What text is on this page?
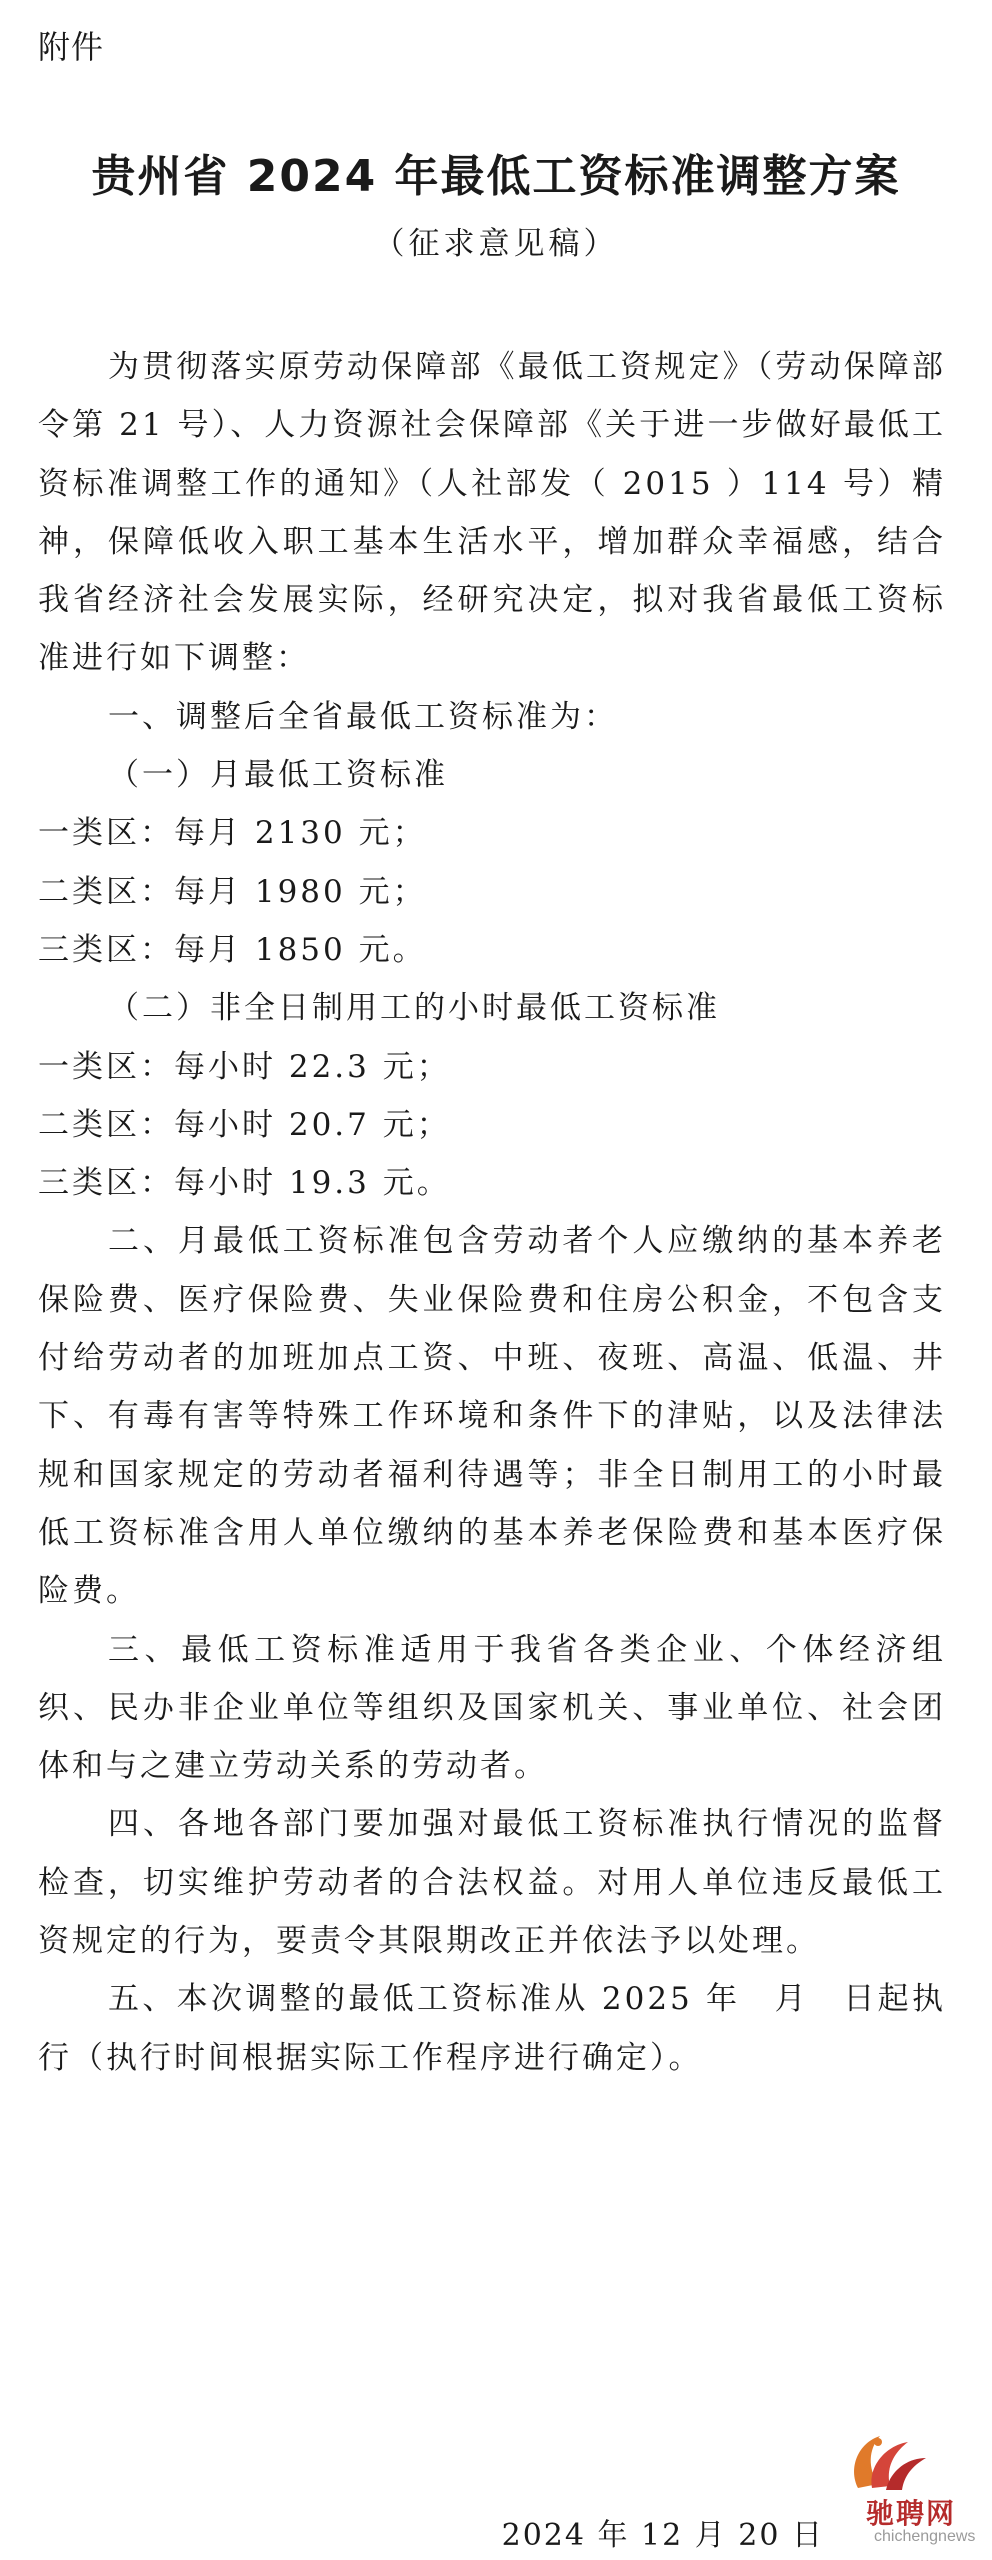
附件
贵州省 2024 年最低工资标准调整方案
（征求意见稿）

为贯彻落实原劳动保障部《最低工资规定》（劳动保障部令第 21 号）、人力资源社会保障部《关于进一步做好最低工资标准调整工作的通知》（人社部发（ 2015 ）114 号）精神，保障低收入职工基本生活水平，增加群众幸福感，结合我省经济社会发展实际，经研究决定，拟对我省最低工资标准进行如下调整：

一、调整后全省最低工资标准为：

（一）月最低工资标准

一类区：每月 2130 元；

二类区：每月 1980 元；

三类区：每月 1850 元。

（二）非全日制用工的小时最低工资标准

一类区：每小时 22.3 元；

二类区：每小时 20.7 元；

三类区：每小时 19.3 元。

二、月最低工资标准包含劳动者个人应缴纳的基本养老保险费、医疗保险费、失业保险费和住房公积金，不包含支付给劳动者的加班加点工资、中班、夜班、高温、低温、井下、有毒有害等特殊工作环境和条件下的津贴，以及法律法规和国家规定的劳动者福利待遇等；非全日制用工的小时最低工资标准含用人单位缴纳的基本养老保险费和基本医疗保险费。

三、最低工资标准适用于我省各类企业、个体经济组织、民办非企业单位等组织及国家机关、事业单位、社会团体和与之建立劳动关系的劳动者。

四、各地各部门要加强对最低工资标准执行情况的监督检查，切实维护劳动者的合法权益。对用人单位违反最低工资规定的行为，要责令其限期改正并依法予以处理。

五、本次调整的最低工资标准从 2025 年　月　日起执行（执行时间根据实际工作程序进行确定）。

2024 年 12 月 20 日
驰聘网
chichengnews
